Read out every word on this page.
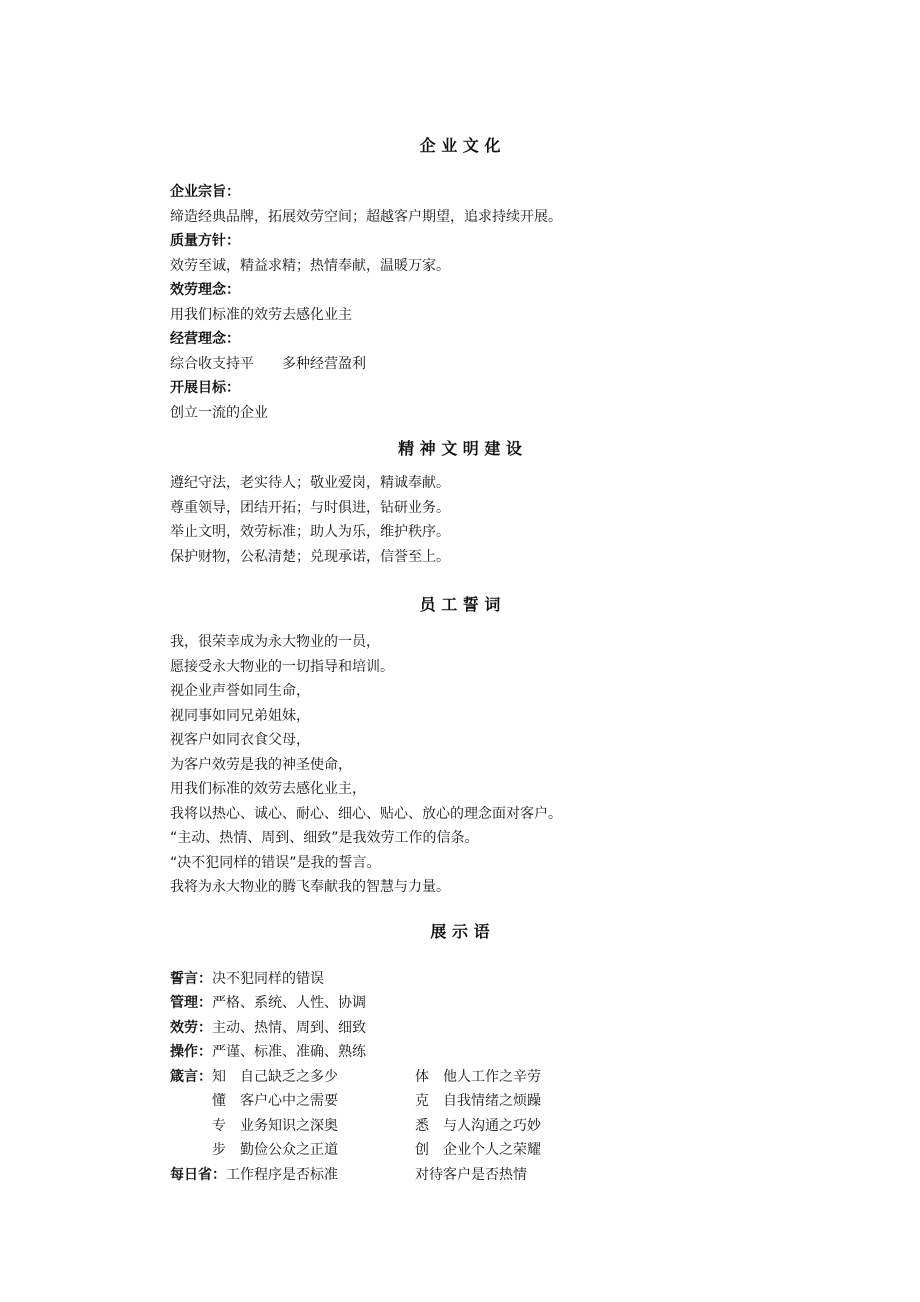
企 业 文 化
企业宗旨：
缔造经典品牌，拓展效劳空间；超越客户期望，追求持续开展。
质量方针：
效劳至诚，精益求精；热情奉献，温暖万家。
效劳理念：
用我们标准的效劳去感化业主
经营理念：
综合收支持平　　多种经营盈利
开展目标：
创立一流的企业
精 神 文 明 建 设
遵纪守法，老实待人；敬业爱岗，精诚奉献。
尊重领导，团结开拓；与时俱进，钻研业务。
举止文明，效劳标准；助人为乐，维护秩序。
保护财物，公私清楚；兑现承诺，信誉至上。
员 工 誓 词
我，很荣幸成为永大物业的一员，
愿接受永大物业的一切指导和培训。
视企业声誉如同生命，
视同事如同兄弟姐妹，
视客户如同衣食父母，
为客户效劳是我的神圣使命，
用我们标准的效劳去感化业主，
我将以热心、诚心、耐心、细心、贴心、放心的理念面对客户。
“主动、热情、周到、细致”是我效劳工作的信条。
“决不犯同样的错误”是我的誓言。
我将为永大物业的腾飞奉献我的智慧与力量。
展 示 语
誓言：决不犯同样的错误
管理：严格、系统、人性、协调
效劳：主动、热情、周到、细致
操作：严谨、标准、准确、熟练
箴言：知　自己缺乏之多少	体　他人工作之辛劳
懂　客户心中之需要	克　自我情绪之烦躁
专　业务知识之深奥	悉　与人沟通之巧妙
步　勤俭公众之正道	创　企业个人之荣耀
每日省：工作程序是否标准	对待客户是否热情
